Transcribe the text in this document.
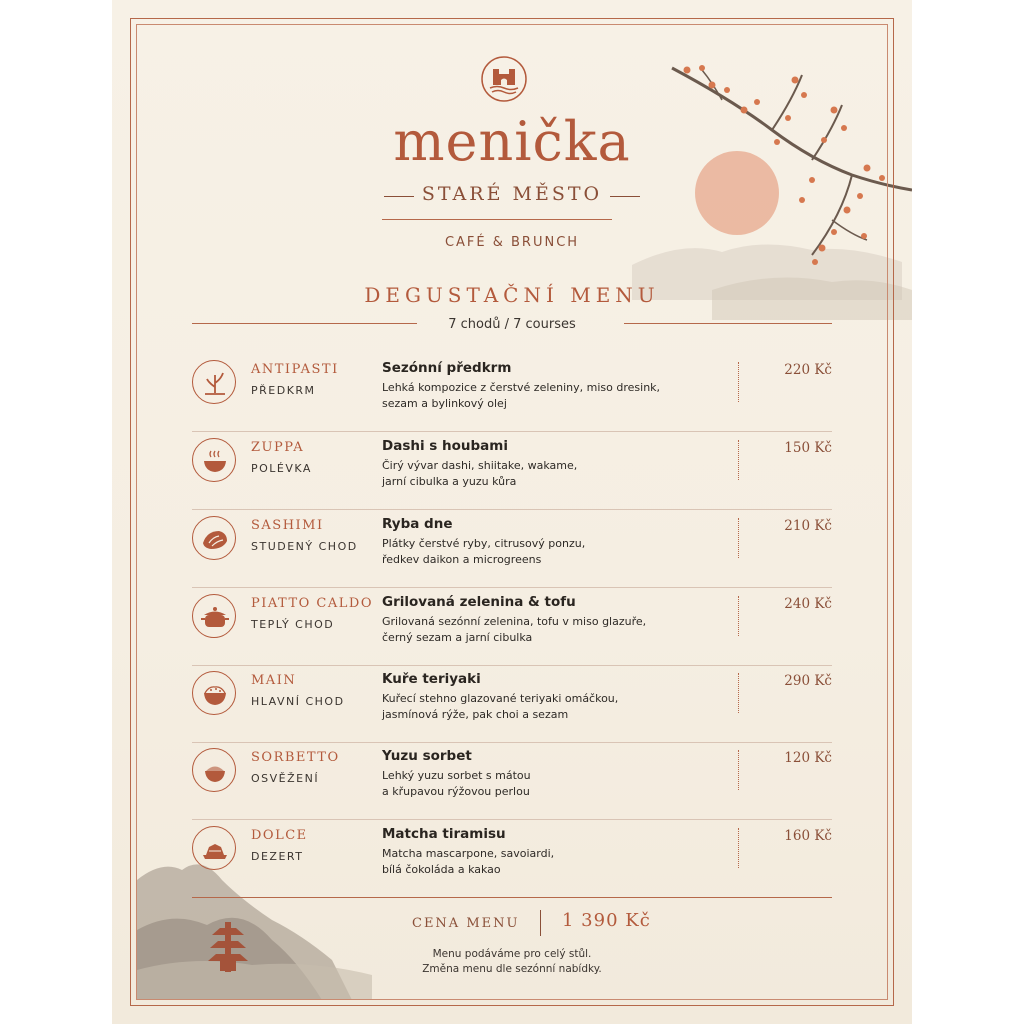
menička
STARÉ MĚSTO
CAFÉ & BRUNCH
DEGUSTAČNÍ MENU
7 chodů / 7 courses
ANTIPASTI
PŘEDKRM
Sezónní předkrm
Lehká kompozice z čerstvé zeleniny, miso dresink,
sezam a bylinkový olej
220 Kč
ZUPPA
POLÉVKA
Dashi s houbami
Čirý vývar dashi, shiitake, wakame,
jarní cibulka a yuzu kůra
150 Kč
SASHIMI
STUDENÝ CHOD
Ryba dne
Plátky čerstvé ryby, citrusový ponzu,
ředkev daikon a microgreens
210 Kč
PIATTO CALDO
TEPLÝ CHOD
Grilovaná zelenina & tofu
Grilovaná sezónní zelenina, tofu v miso glazuře,
černý sezam a jarní cibulka
240 Kč
MAIN
HLAVNÍ CHOD
Kuře teriyaki
Kuřecí stehno glazované teriyaki omáčkou,
jasmínová rýže, pak choi a sezam
290 Kč
SORBETTO
OSVĚŽENÍ
Yuzu sorbet
Lehký yuzu sorbet s mátou
a křupavou rýžovou perlou
120 Kč
DOLCE
DEZERT
Matcha tiramisu
Matcha mascarpone, savoiardi,
bílá čokoláda a kakao
160 Kč
CENA MENU 1 390 Kč
Menu podáváme pro celý stůl.
Změna menu dle sezónní nabídky.
